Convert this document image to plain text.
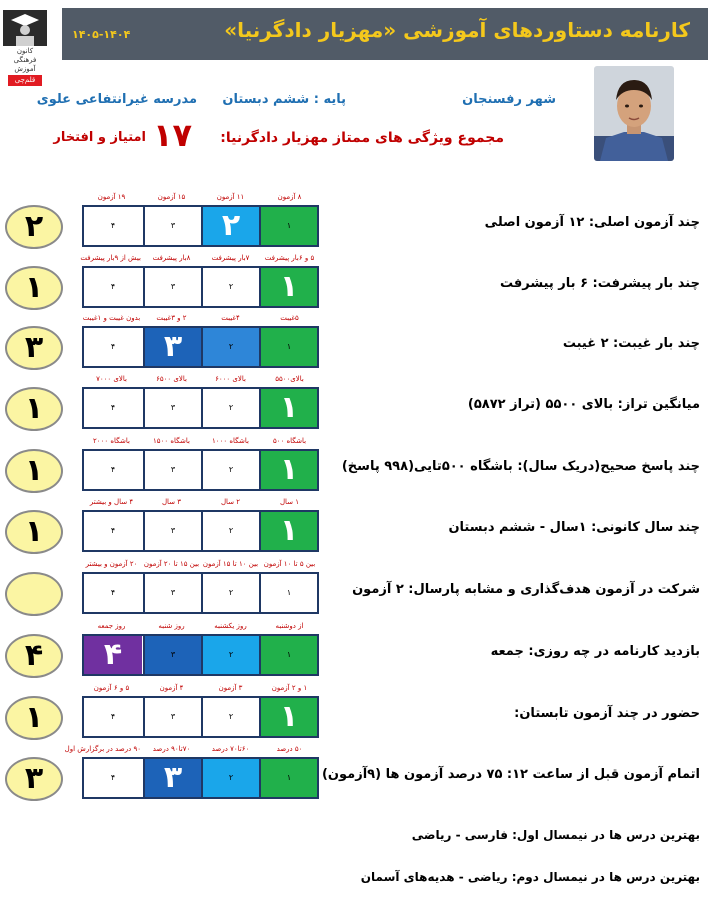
کارنامه دستاوردهای آموزشی «مهزیار دادگرنیا»
۱۴۰۵-۱۴۰۴
کانون
فرهنگی
آموزش
قلم‌چی
شهر رفسنجان
پایه : ششم دبستان
مدرسه غیرانتفاعی علوی
مجموع ویژگی های ممتاز مهزیار دادگرنیا:
۱۷
امتیاز و افتخار
چند آزمون اصلی: ۱۲ آزمون اصلی
۲
۸ آزمون
۱۱ آزمون
۱۵ آزمون
۱۹ آزمون
۱
۲
۳
۴
چند بار پیشرفت: ۶ بار پیشرفت
۱
۵ و ۶بار پیشرفت
۷بار پیشرفت
۸بار پیشرفت
بیش از ۹بار پیشرفت
۱
۲
۳
۴
چند بار غیبت: ۲ غیبت
۳
۵غیبت
۴غیبت
۲ و ۳غیبت
بدون غیبت و ۱غیبت
۱
۲
۳
۴
میانگین تراز: بالای ۵۵۰۰ (تراز ۵۸۷۲)
۱
بالای۵۵۰۰
بالای ۶۰۰۰
بالای ۶۵۰۰
بالای ۷۰۰۰
۱
۲
۳
۴
چند پاسخ صحیح(دریک سال): باشگاه ۵۰۰تایی(۹۹۸ پاسخ)
۱
باشگاه ۵۰۰
باشگاه ۱۰۰۰
باشگاه ۱۵۰۰
باشگاه ۲۰۰۰
۱
۲
۳
۴
چند سال کانونی: ۱سال - ششم دبستان
۱
۱ سال
۲ سال
۳ سال
۴ سال و بیشتر
۱
۲
۳
۴
شرکت در آزمون هدف‌گذاری و مشابه پارسال: ۲ آزمون
بین ۵ تا ۱۰ آزمون
بین ۱۰ تا ۱۵ آزمون
بین ۱۵ تا ۲۰ آزمون
۲۰ آزمون و بیشتر
۱
۲
۳
۴
بازدید کارنامه در چه روزی: جمعه
۴
از دوشنبه
روز یکشنبه
روز شنبه
روز جمعه
۱
۲
۳
۴
حضور در چند آزمون تابستان:
۱
۱ و ۲ آزمون
۳ آزمون
۴ آزمون
۵ و ۶ آزمون
۱
۲
۳
۴
اتمام آزمون قبل از ساعت ۱۲: ۷۵ درصد آزمون ها (۹آزمون)
۳
۵۰ درصد
۶۰تا۷۰ درصد
۷۰تا۹۰ درصد
۹۰ درصد در برگزارش اول
۱
۲
۳
۴
بهترین درس ها در نیمسال اول: فارسی - ریاضی
بهترین درس ها در نیمسال دوم: ریاضی - هدیه‌های آسمان
